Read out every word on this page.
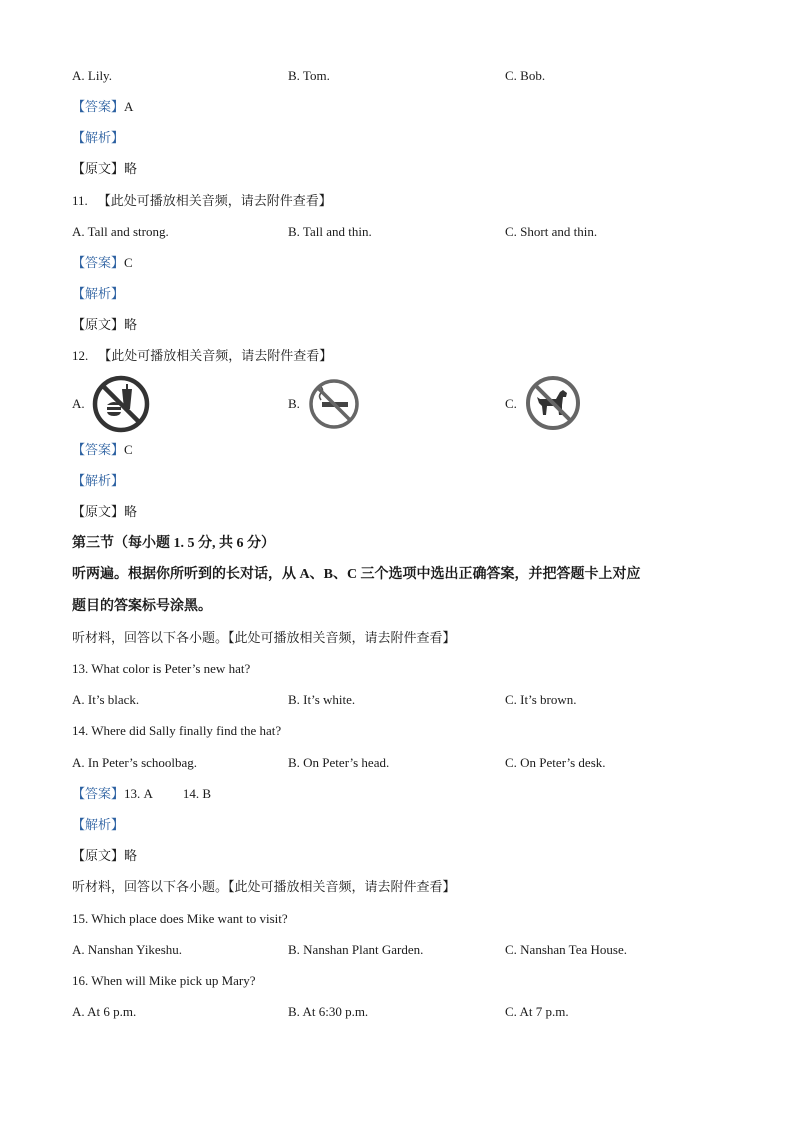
A. Lily.	B. Tom.	C. Bob.
【答案】A
【解析】
【原文】略
11. 【此处可播放相关音频，请去附件查看】
A. Tall and strong.	B. Tall and thin.	C. Short and thin.
【答案】C
【解析】
【原文】略
12. 【此处可播放相关音频，请去附件查看】
A.	B.	C.
【答案】C
【解析】
【原文】略
第三节（每小题 1. 5 分, 共 6 分）
听两遍。根据你所听到的长对话，从 A、B、C 三个选项中选出正确答案，并把答题卡上对应
题目的答案标号涂黑。
听材料，回答以下各小题。【此处可播放相关音频，请去附件查看】
13. What color is Peter’s new hat?
A. It’s black.	B. It’s white.	C. It’s brown.
14. Where did Sally finally find the hat?
A. In Peter’s schoolbag.	B. On Peter’s head.	C. On Peter’s desk.
【答案】13. A 14. B
【解析】
【原文】略
听材料，回答以下各小题。【此处可播放相关音频，请去附件查看】
15. Which place does Mike want to visit?
A. Nanshan Yikeshu.	B. Nanshan Plant Garden.	C. Nanshan Tea House.
16. When will Mike pick up Mary?
A. At 6 p.m.	B. At 6:30 p.m.	C. At 7 p.m.
